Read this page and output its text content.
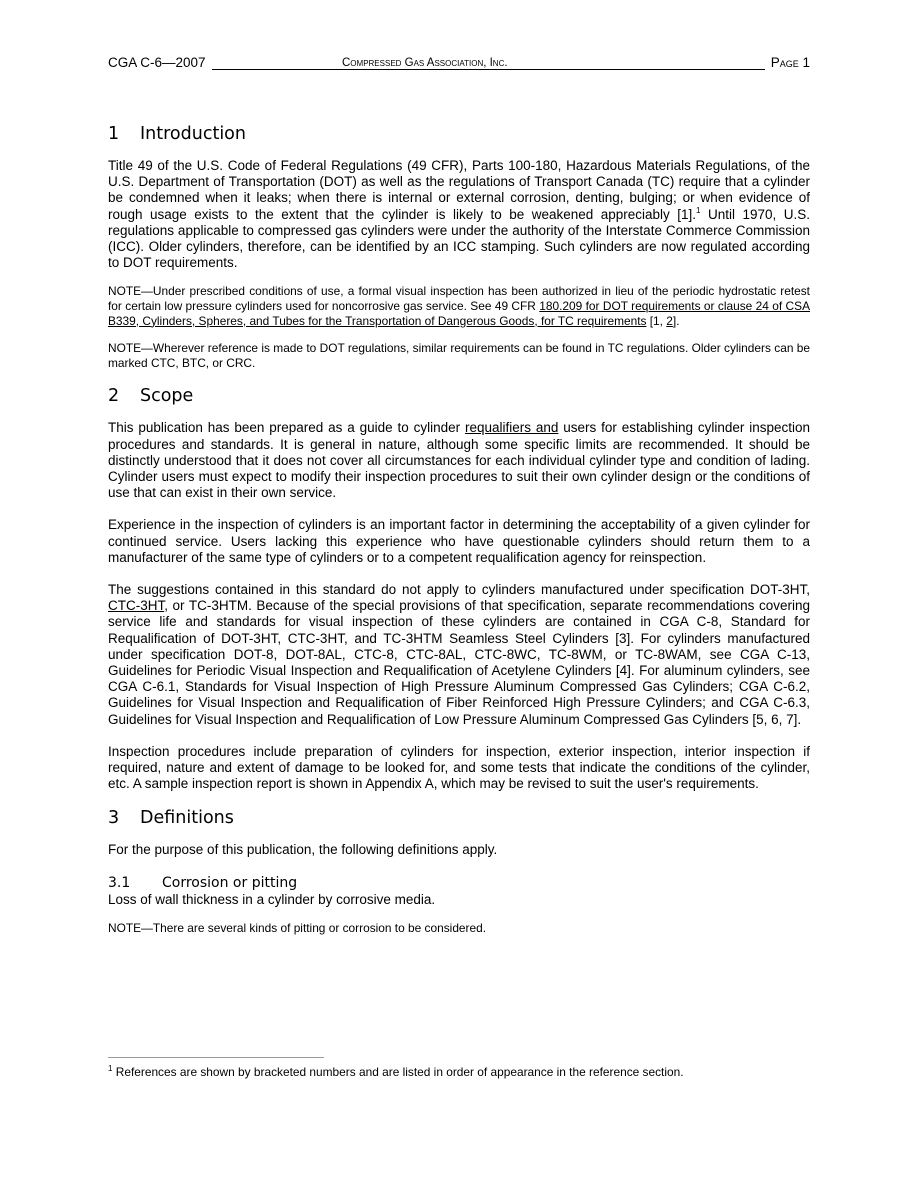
CGA C-6—2007	Compressed Gas Association, Inc.	Page 1
1 Introduction

Title 49 of the U.S. Code of Federal Regulations (49 CFR), Parts 100-180, Hazardous Materials Regulations, of the U.S. Department of Transportation (DOT) as well as the regulations of Transport Canada (TC) require that a cylinder be condemned when it leaks; when there is internal or external corrosion, denting, bulging; or when evidence of rough usage exists to the extent that the cylinder is likely to be weakened appreciably [1].$^1$ Until 1970, U.S. regulations applicable to compressed gas cylinders were under the authority of the Interstate Commerce Commission (ICC). Older cylinders, therefore, can be identified by an ICC stamping. Such cylinders are now regulated according to DOT requirements.

NOTE—Under prescribed conditions of use, a formal visual inspection has been authorized in lieu of the periodic hydrostatic retest for certain low pressure cylinders used for noncorrosive gas service. See 49 CFR 180.209 for DOT requirements or clause 24 of CSA B339, Cylinders, Spheres, and Tubes for the Transportation of Dangerous Goods, for TC requirements [1, 2].

NOTE—Wherever reference is made to DOT regulations, similar requirements can be found in TC regulations. Older cylinders can be marked CTC, BTC, or CRC.

2 Scope

This publication has been prepared as a guide to cylinder requalifiers and users for establishing cylinder inspection procedures and standards. It is general in nature, although some specific limits are recommended. It should be distinctly understood that it does not cover all circumstances for each individual cylinder type and condition of lading. Cylinder users must expect to modify their inspection procedures to suit their own cylinder design or the conditions of use that can exist in their own service.

Experience in the inspection of cylinders is an important factor in determining the acceptability of a given cylinder for continued service. Users lacking this experience who have questionable cylinders should return them to a manufacturer of the same type of cylinders or to a competent requalification agency for reinspection.

The suggestions contained in this standard do not apply to cylinders manufactured under specification DOT-3HT, CTC-3HT, or TC-3HTM. Because of the special provisions of that specification, separate recommendations covering service life and standards for visual inspection of these cylinders are contained in CGA C-8, Standard for Requalification of DOT-3HT, CTC-3HT, and TC-3HTM Seamless Steel Cylinders [3]. For cylinders manufactured under specification DOT-8, DOT-8AL, CTC-8, CTC-8AL, CTC-8WC, TC-8WM, or TC-8WAM, see CGA C-13, Guidelines for Periodic Visual Inspection and Requalification of Acetylene Cylinders [4]. For aluminum cylinders, see CGA C-6.1, Standards for Visual Inspection of High Pressure Aluminum Compressed Gas Cylinders; CGA C-6.2, Guidelines for Visual Inspection and Requalification of Fiber Reinforced High Pressure Cylinders; and CGA C-6.3, Guidelines for Visual Inspection and Requalification of Low Pressure Aluminum Compressed Gas Cylinders [5, 6, 7].

Inspection procedures include preparation of cylinders for inspection, exterior inspection, interior inspection if required, nature and extent of damage to be looked for, and some tests that indicate the conditions of the cylinder, etc. A sample inspection report is shown in Appendix A, which may be revised to suit the user's requirements.

3 Definitions

For the purpose of this publication, the following definitions apply.

3.1 Corrosion or pitting

Loss of wall thickness in a cylinder by corrosive media.

NOTE—There are several kinds of pitting or corrosion to be considered.

$^1$ References are shown by bracketed numbers and are listed in order of appearance in the reference section.
